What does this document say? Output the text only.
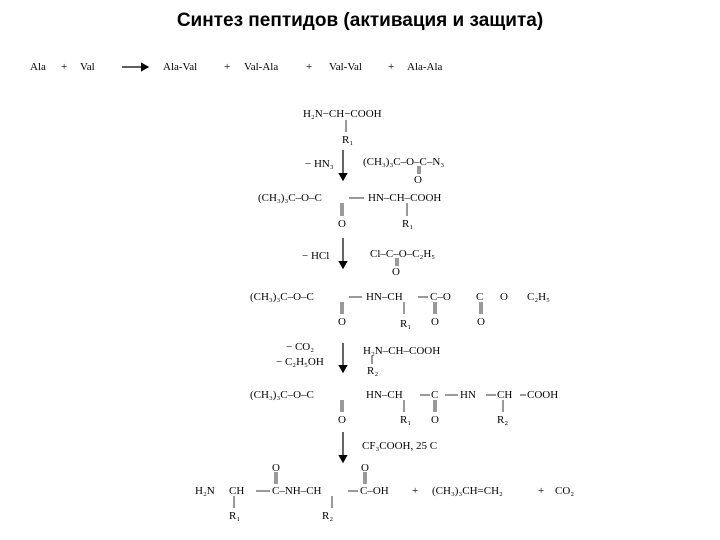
Синтез пептидов (активация и защита)
Ala + Val	Ala-Val + Val-Ala	+ Val-Val + Ala-Ala
H₂N−CH−COOH
R₁
− HN₃	(CH₃)₃C–O–C–N₃
O
(CH₃)₃C–O–C	HN–CH–COOH
O	R₁
− HCl	Cl–C–O–C₂H₅
O
(CH₃)₃C–O–C	HN–CH C–O C O C₂H₅
O	O	O
R₁
− CO₂
− C₂H₅OH
H₂N–CH–COOH
R₂
(CH₃)₃C–O–C	HN–CH	C HN CH COOH
O	O
R₁	R₂
CF₃COOH, 25 C
H₂N CH	C–NH–CH	C–OH + (CH₃)₃CH=CH₂	+ CO₂
O	O
R₁	R₂
